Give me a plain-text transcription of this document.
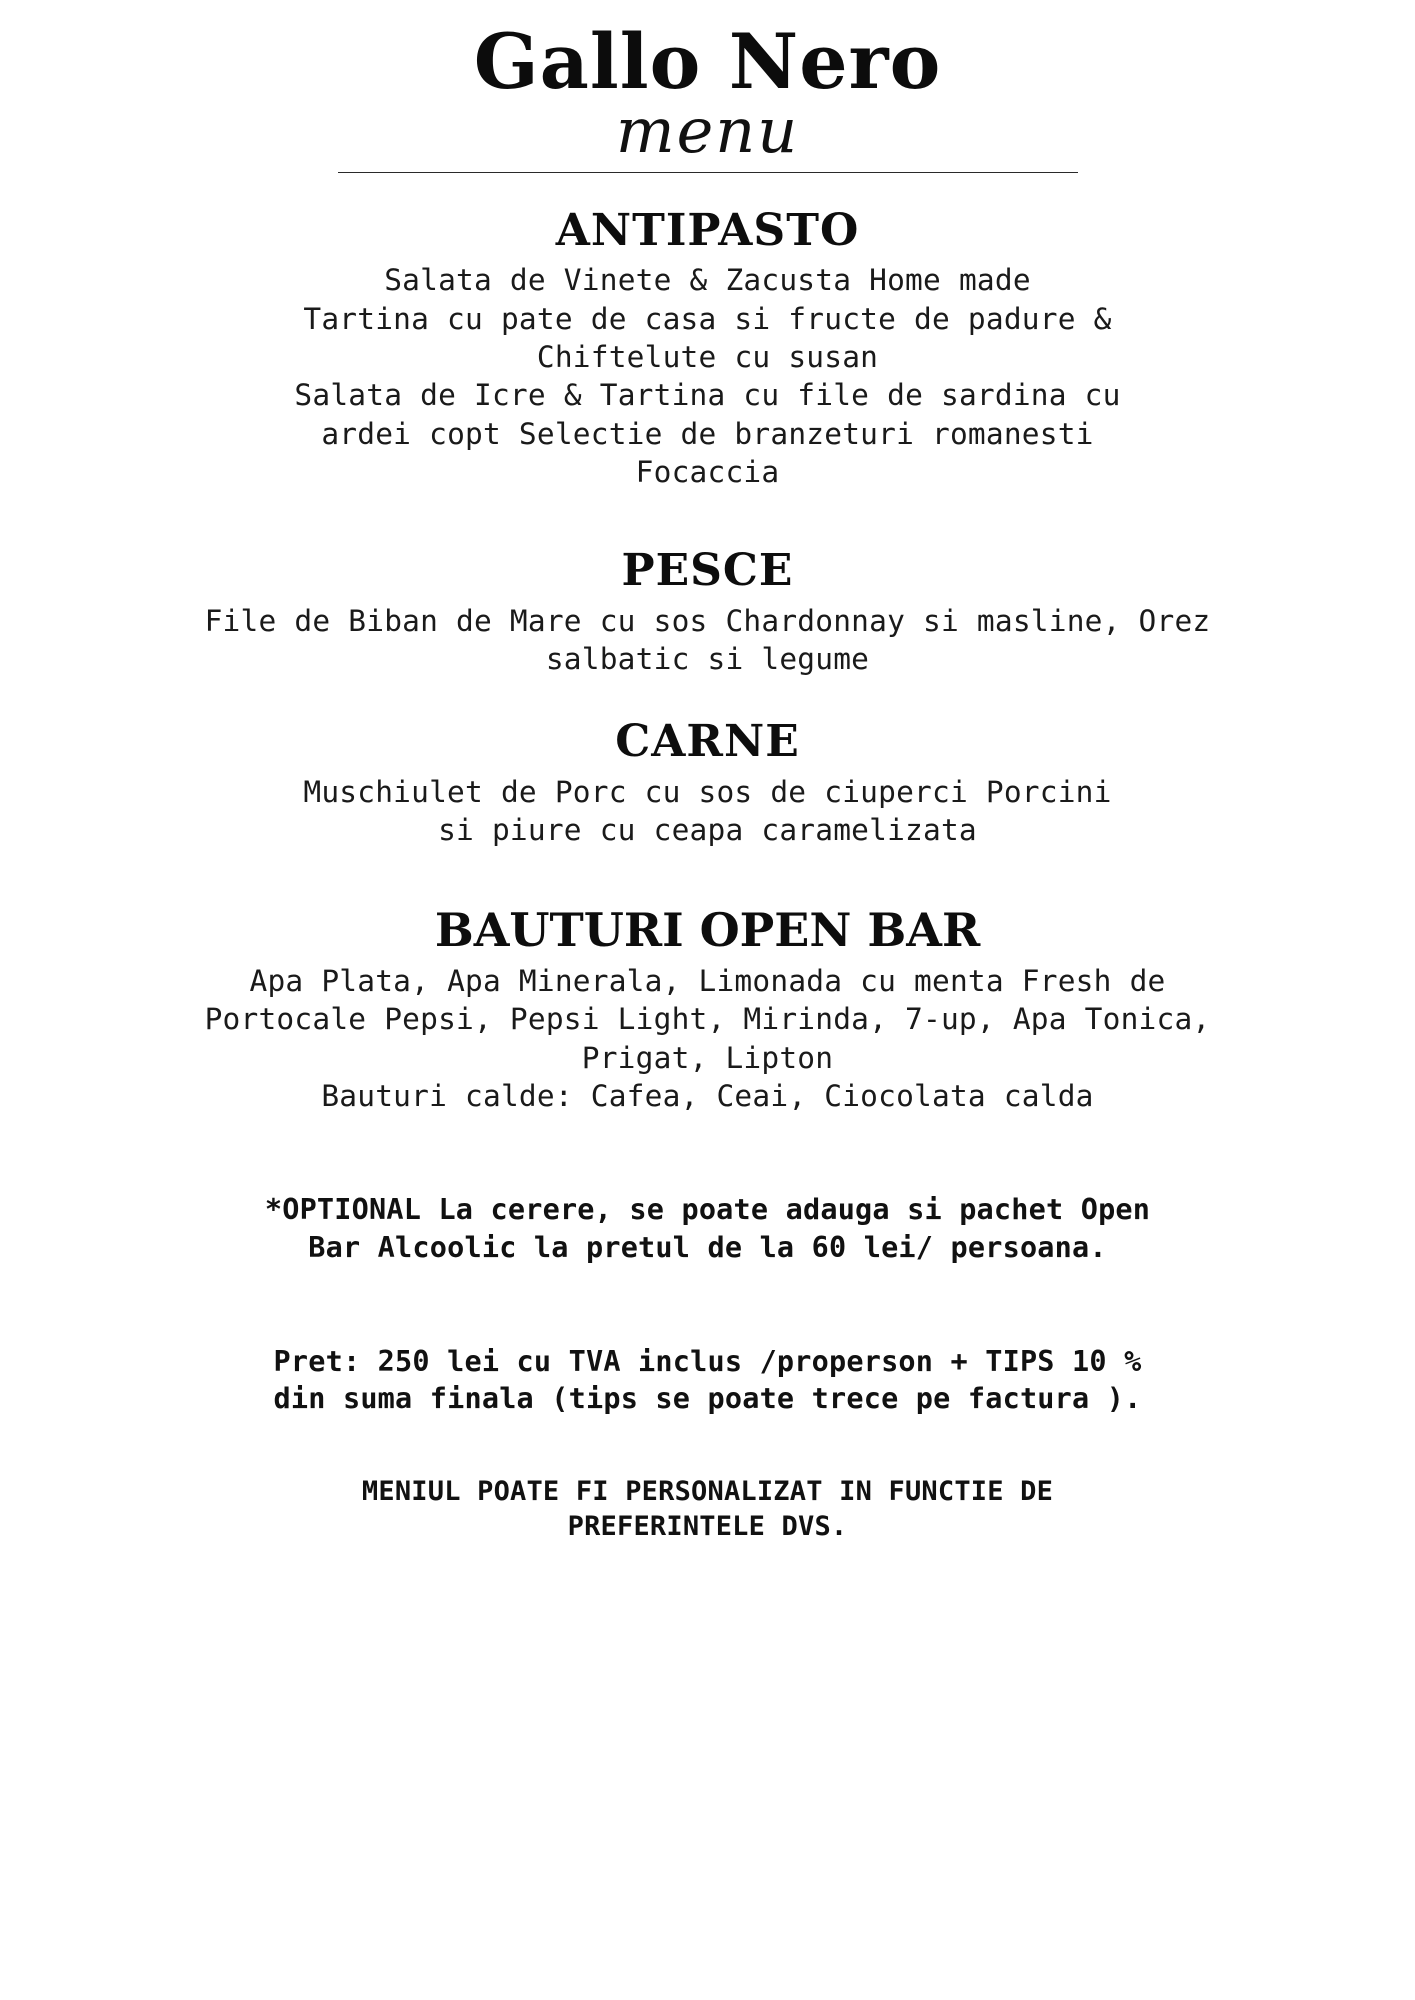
Gallo Nero
menu
ANTIPASTO
Salata de Vinete & Zacusta Home made
Tartina cu pate de casa si fructe de padure &
Chiftelute cu susan
Salata de Icre & Tartina cu file de sardina cu
ardei copt Selectie de branzeturi romanesti
Focaccia
PESCE
File de Biban de Mare cu sos Chardonnay si masline, Orez
salbatic si legume
CARNE
Muschiulet de Porc cu sos de ciuperci Porcini
si piure cu ceapa caramelizata
BAUTURI OPEN BAR
Apa Plata, Apa Minerala, Limonada cu menta Fresh de
Portocale Pepsi, Pepsi Light, Mirinda, 7-up, Apa Tonica,
Prigat, Lipton
Bauturi calde: Cafea, Ceai, Ciocolata calda
*OPTIONAL La cerere, se poate adauga si pachet Open
Bar Alcoolic la pretul de la 60 lei/ persoana.
Pret: 250 lei cu TVA inclus /properson + TIPS 10 %
din suma finala (tips se poate trece pe factura ).
MENIUL POATE FI PERSONALIZAT IN FUNCTIE DE
PREFERINTELE DVS.
